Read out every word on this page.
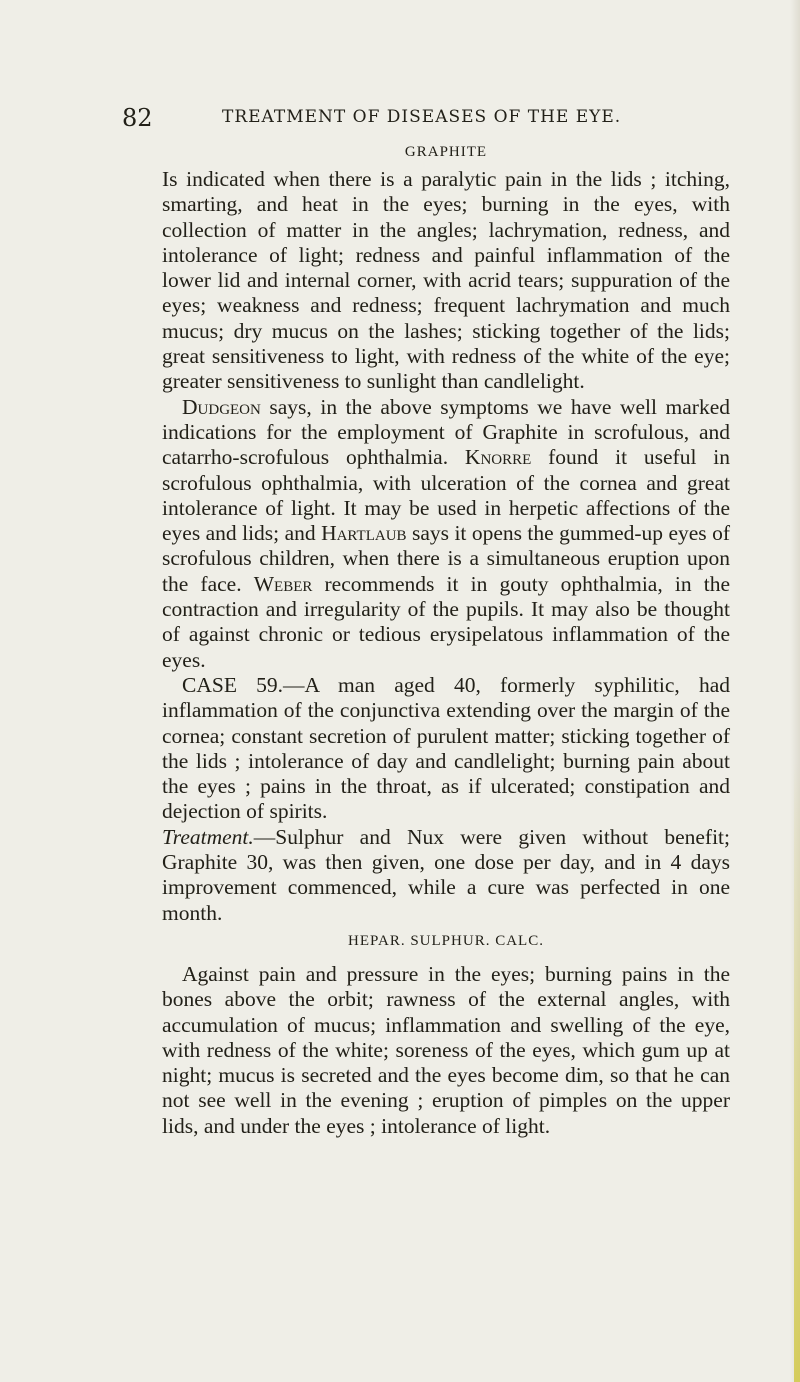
82	TREATMENT OF DISEASES OF THE EYE.
GRAPHITE

Is indicated when there is a paralytic pain in the lids ; itching, smarting, and heat in the eyes; burning in the eyes, with collection of matter in the angles; lachrymation, redness, and intolerance of light; redness and painful inflammation of the lower lid and internal corner, with acrid tears; suppuration of the eyes; weakness and redness; frequent lachrymation and much mucus; dry mucus on the lashes; sticking together of the lids; great sensitiveness to light, with redness of the white of the eye; greater sensitiveness to sunlight than candlelight.

Dudgeon says, in the above symptoms we have well marked indications for the employment of Graphite in scrofulous, and catarrho-scrofulous ophthalmia. Knorre found it useful in scrofulous ophthalmia, with ulceration of the cornea and great intolerance of light. It may be used in herpetic affections of the eyes and lids; and Hartlaub says it opens the gummed-up eyes of scrofulous children, when there is a simultaneous eruption upon the face. Weber recommends it in gouty ophthalmia, in the contraction and irregularity of the pupils. It may also be thought of against chronic or tedious erysipelatous inflammation of the eyes.

CASE 59.—A man aged 40, formerly syphilitic, had inflammation of the conjunctiva extending over the margin of the cornea; constant secretion of purulent matter; sticking together of the lids ; intolerance of day and candlelight; burning pain about the eyes ; pains in the throat, as if ulcerated; constipation and dejection of spirits.

Treatment.—Sulphur and Nux were given without benefit; Graphite 30, was then given, one dose per day, and in 4 days improvement commenced, while a cure was perfected in one month.

HEPAR. SULPHUR. CALC.

Against pain and pressure in the eyes; burning pains in the bones above the orbit; rawness of the external angles, with accumulation of mucus; inflammation and swelling of the eye, with redness of the white; soreness of the eyes, which gum up at night; mucus is secreted and the eyes become dim, so that he can not see well in the evening ; eruption of pimples on the upper lids, and under the eyes ; intolerance of light.
